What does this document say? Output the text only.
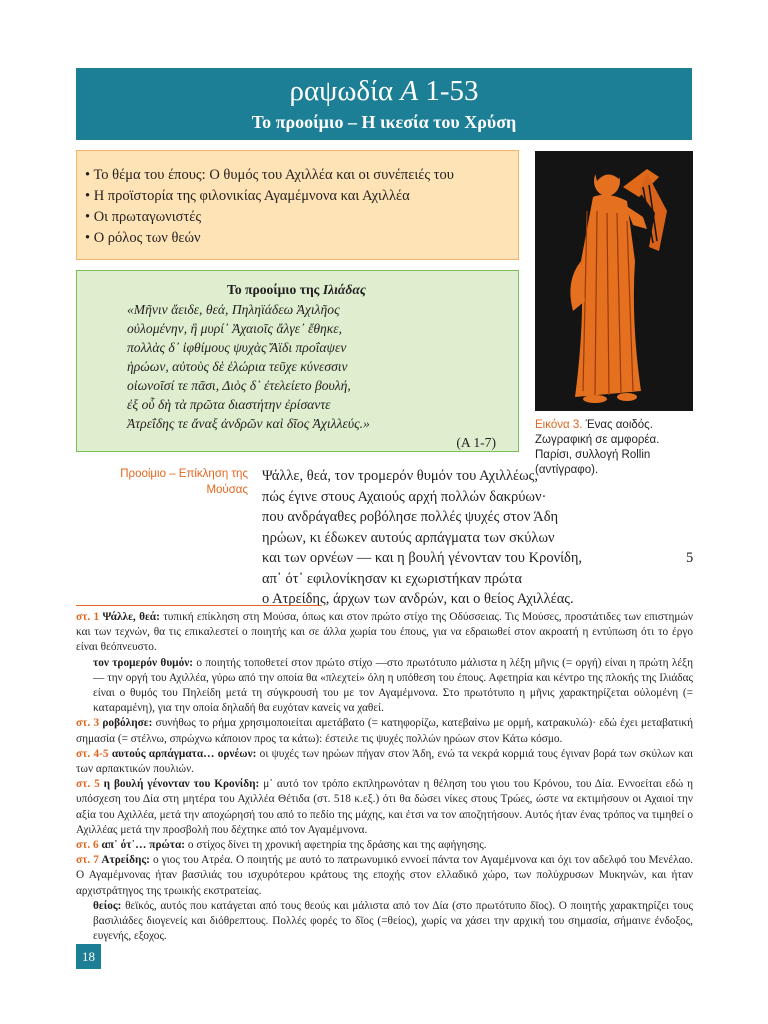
ραψωδία Α 1-53
Το προοίμιο – Η ικεσία του Χρύση
• Το θέμα του έπους: Ο θυμός του Αχιλλέα και οι συνέπειές του
• Η προϊστορία της φιλονικίας Αγαμέμνονα και Αχιλλέα
• Οι πρωταγωνιστές
• Ο ρόλος των θεών
Το προοίμιο της Ιλιάδας
«Μῆνιν ἄειδε, θεά, Πηληϊάδεω Ἀχιλῆος
οὐλομένην, ἣ μυρί᾽ Ἀχαιοῖς ἄλγε᾽ ἔθηκε,
πολλὰς δ᾽ ἰφθίμους ψυχὰς Ἄϊδι προΐαψεν
ἡρώων, αὐτοὺς δὲ ἑλώρια τεῦχε κύνεσσιν
οἰωνοῖσί τε πᾶσι, Διὸς δ᾽ ἐτελείετο βουλή,
ἐξ οὗ δὴ τὰ πρῶτα διαστήτην ἐρίσαντε
Ἀτρεΐδης τε ἄναξ ἀνδρῶν καὶ δῖος Ἀχιλλεύς.»
(Α 1-7)
Εικόνα 3. Ένας αοιδός. Ζωγραφική σε αμφορέα. Παρίσι, συλλογή Rollin (αντίγραφο).
Προοίμιο – Επίκληση της Μούσας
Ψάλλε, θεά, τον τρομερόν θυμόν του Αχιλλέως,
πώς έγινε στους Αχαιούς αρχή πολλών δακρύων·
που ανδράγαθες ροβόλησε πολλές ψυχές στον Άδη
ηρώων, κι έδωκεν αυτούς αρπάγματα των σκύλων
και των ορνέων — και η βουλή γένονταν του Κρονίδη,	5
απ᾽ ότ᾽ εφιλονίκησαν κι εχωριστήκαν πρώτα
ο Ατρείδης, άρχων των ανδρών, και ο θείος Αχιλλέας.

στ. 1 Ψάλλε, θεά: τυπική επίκληση στη Μούσα, όπως και στον πρώτο στίχο της Οδύσσειας. Τις Μούσες, προστάτιδες των επιστημών και των τεχνών, θα τις επικαλεστεί ο ποιητής και σε άλλα χωρία του έπους, για να εδραιωθεί στον ακροατή η εντύπωση ότι το έργο είναι θεόπνευστο.

τον τρομερόν θυμόν: ο ποιητής τοποθετεί στον πρώτο στίχο —στο πρωτότυπο μάλιστα η λέξη μῆνις (= οργή) είναι η πρώτη λέξη— την οργή του Αχιλλέα, γύρω από την οποία θα «πλεχτεί» όλη η υπόθεση του έπους. Αφετηρία και κέντρο της πλοκής της Ιλιάδας είναι ο θυμός του Πηλείδη μετά τη σύγκρουσή του με τον Αγαμέμνονα. Στο πρωτότυπο η μῆνις χαρακτηρίζεται οὐλομένη (= καταραμένη), για την οποία δηλαδή θα ευχόταν κανείς να χαθεί.

στ. 3 ροβόλησε: συνήθως το ρήμα χρησιμοποιείται αμετάβατο (= κατηφορίζω, κατεβαίνω με ορμή, κατρακυλώ)· εδώ έχει μεταβατική σημασία (= στέλνω, σπρώχνω κάποιον προς τα κάτω): έστειλε τις ψυχές πολλών ηρώων στον Κάτω κόσμο.

στ. 4-5 αυτούς αρπάγματα… ορνέων: οι ψυχές των ηρώων πήγαν στον Άδη, ενώ τα νεκρά κορμιά τους έγιναν βορά των σκύλων και των αρπακτικών πουλιών.

στ. 5 η βουλή γένονταν του Κρονίδη: μ᾽ αυτό τον τρόπο εκπληρωνόταν η θέληση του γιου του Κρόνου, του Δία. Εννοείται εδώ η υπόσχεση του Δία στη μητέρα του Αχιλλέα Θέτιδα (στ. 518 κ.εξ.) ότι θα δώσει νίκες στους Τρώες, ώστε να εκτιμήσουν οι Αχαιοί την αξία του Αχιλλέα, μετά την αποχώρησή του από το πεδίο της μάχης, και έτσι να τον αποζητήσουν. Αυτός ήταν ένας τρόπος να τιμηθεί ο Αχιλλέας μετά την προσβολή που δέχτηκε από τον Αγαμέμνονα.

στ. 6 απ᾽ ότ᾽… πρώτα: ο στίχος δίνει τη χρονική αφετηρία της δράσης και της αφήγησης.

στ. 7 Ατρείδης: ο γιος του Ατρέα. Ο ποιητής με αυτό το πατρωνυμικό εννοεί πάντα τον Αγαμέμνονα και όχι τον αδελφό του Μενέλαο. Ο Αγαμέμνονας ήταν βασιλιάς του ισχυρότερου κράτους της εποχής στον ελλαδικό χώρο, των πολύχρυσων Μυκηνών, και ήταν αρχιστράτηγος της τρωικής εκστρατείας.

θείος: θεϊκός, αυτός που κατάγεται από τους θεούς και μάλιστα από τον Δία (στο πρωτότυπο δῖος). Ο ποιητής χαρακτηρίζει τους βασιλιάδες διογενείς και διόθρεπτους. Πολλές φορές το δῖος (=θείος), χωρίς να χάσει την αρχική του σημασία, σήμαινε ένδοξος, ευγενής, εξοχος.

18
